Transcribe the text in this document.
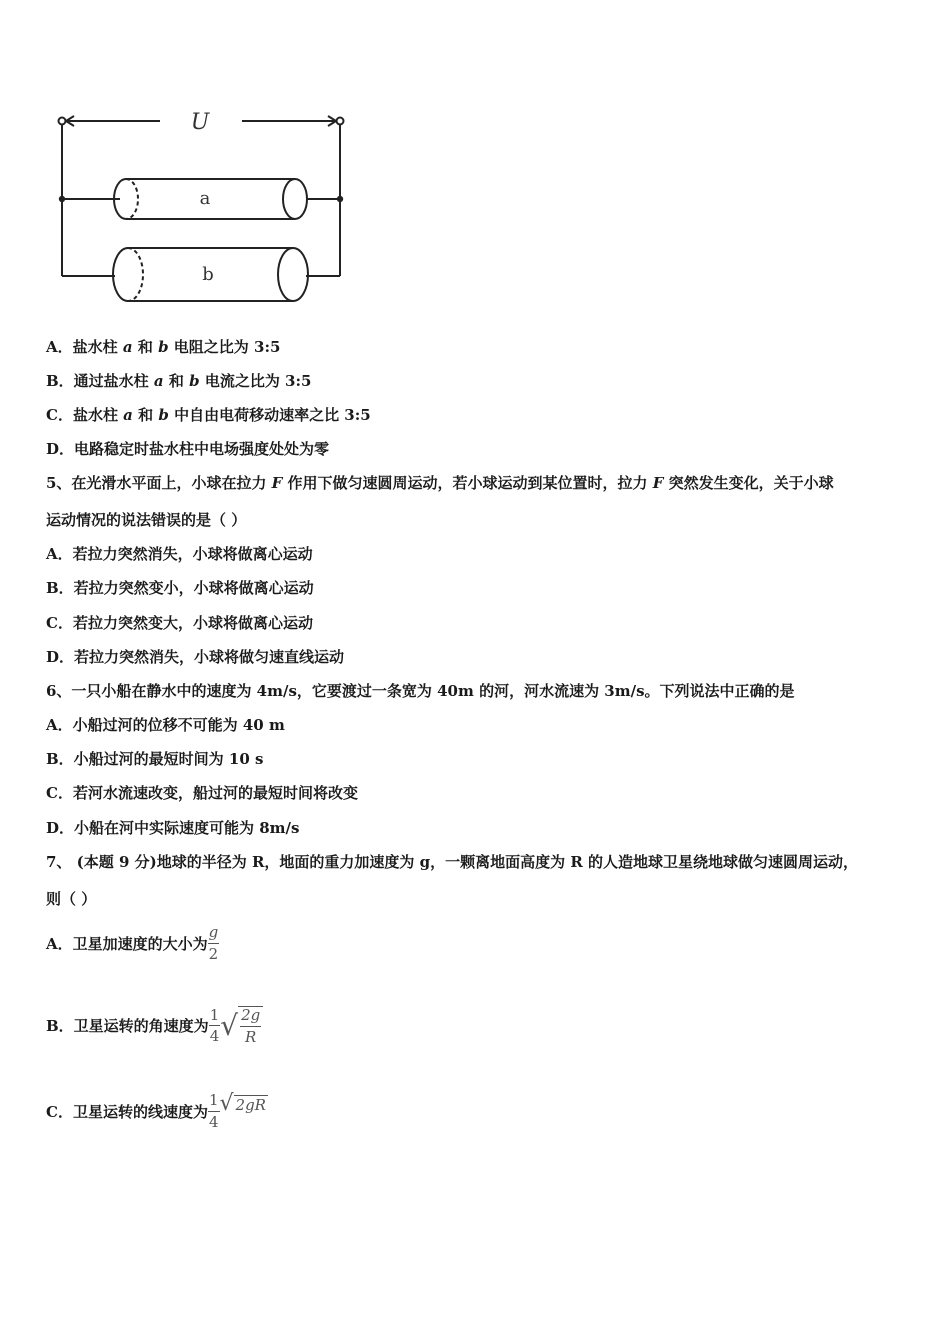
U
a
b
A．盐水柱 a 和 b 电阻之比为 3:5
B．通过盐水柱 a 和 b 电流之比为 3:5
C．盐水柱 a 和 b 中自由电荷移动速率之比 3:5
D．电路稳定时盐水柱中电场强度处处为零
5、在光滑水平面上，小球在拉力 F 作用下做匀速圆周运动，若小球运动到某位置时，拉力 F 突然发生变化，关于小球
运动情况的说法错误的是（ ）
A．若拉力突然消失，小球将做离心运动
B．若拉力突然变小，小球将做离心运动
C．若拉力突然变大，小球将做离心运动
D．若拉力突然消失，小球将做匀速直线运动
6、一只小船在静水中的速度为 4m/s，它要渡过一条宽为 40m 的河，河水流速为 3m/s。下列说法中正确的是
A．小船过河的位移不可能为 40 m
B．小船过河的最短时间为 10 s
C．若河水流速改变，船过河的最短时间将改变
D．小船在河中实际速度可能为 8m/s
7、 (本题 9 分)地球的半径为 R，地面的重力加速度为 g，一颗离地面高度为 R 的人造地球卫星绕地球做匀速圆周运动，
则（ ）
A．卫星加速度的大小为 $\frac{g}{2}$
B．卫星运转的角速度为 $\frac{1}{4}$ √ $\frac{2g}{R}$
C．卫星运转的线速度为 $\frac{1}{4}$ √ 2gR
